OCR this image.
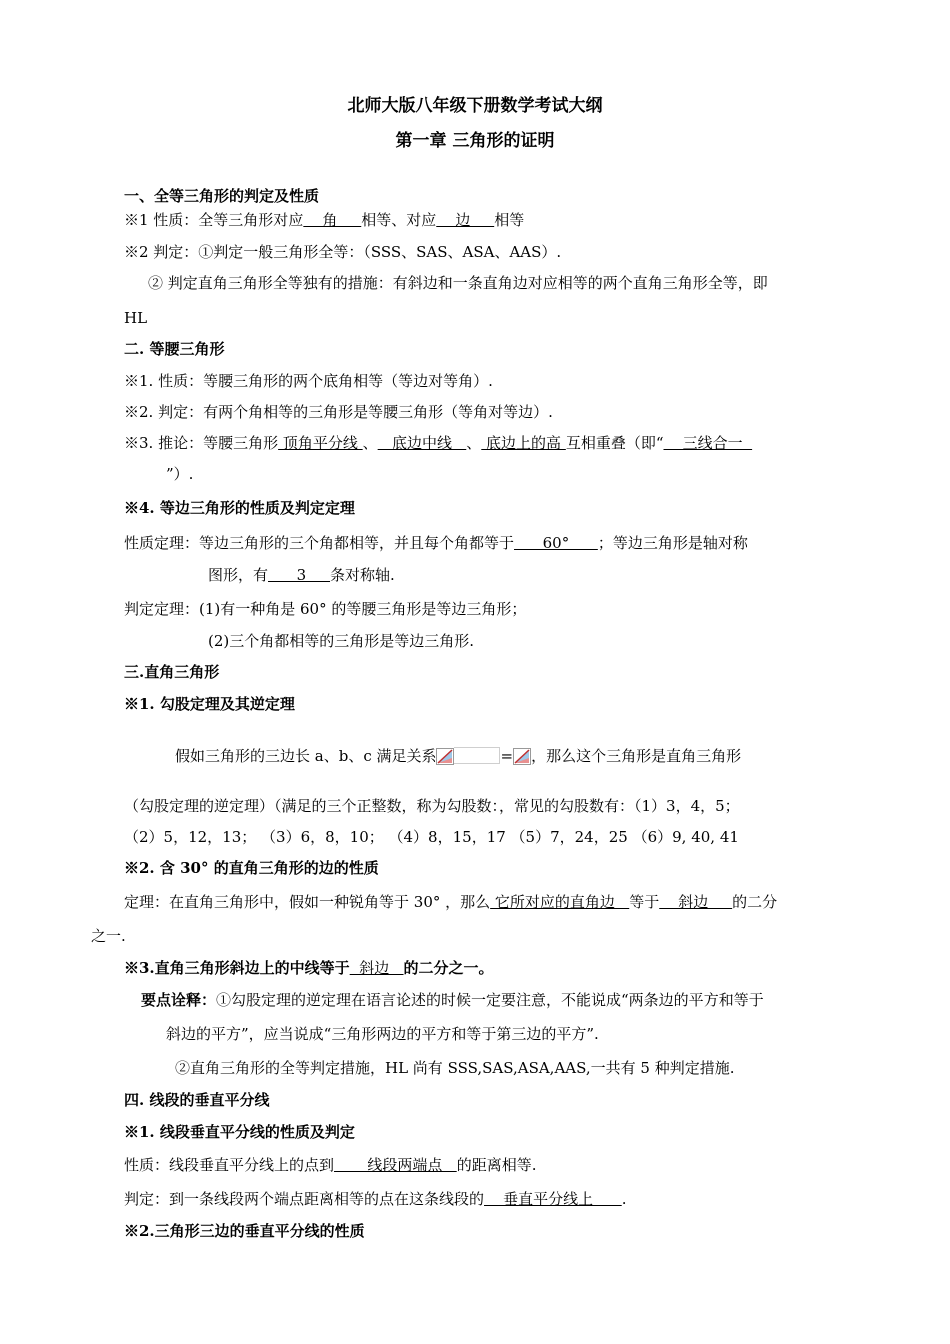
北师大版八年级下册数学考试大纲
第一章 三角形的证明
一、全等三角形的判定及性质
※1 性质：全等三角形对应    角     相等、对应    边     相等
※2 判定：①判定一般三角形全等：（SSS、SAS、ASA、AAS）.
② 判定直角三角形全等独有的措施：有斜边和一条直角边对应相等的两个直角三角形全等，即
HL
二. 等腰三角形
※1. 性质：等腰三角形的两个底角相等（等边对等角）.
※2. 判定：有两个角相等的三角形是等腰三角形（等角对等边）.
※3. 推论：等腰三角形 顶角平分线 、   底边中线   、 底边上的高 互相重叠（即“    三线合一
”）.
※4. 等边三角形的性质及判定定理
性质定理：等边三角形的三个角都相等，并且每个角都等于      60°      ；等边三角形是轴对称
图形，有      3     条对称轴.
判定定理：(1)有一种角是 60° 的等腰三角形是等边三角形；
(2)三个角都相等的三角形是等边三角形.
三.直角三角形
※1. 勾股定理及其逆定理
假如三角形的三边长 a、b、c 满足关系	= ，那么这个三角形是直角三角形
（勾股定理的逆定理）（满足的三个正整数，称为勾股数：，常见的勾股数有：（1）3，4，5；
（2）5，12，13； （3）6，8，10； （4）8，15，17 （5）7，24，25 （6）9, 40, 41
※2. 含 30° 的直角三角形的边的性质
定理：在直角三角形中，假如一种锐角等于 30° ，那么 它所对应的直角边   等于    斜边     的二分
之一.
※3.直角三角形斜边上的中线等于  斜边   的二分之一。
要点诠释：①勾股定理的逆定理在语言论述的时候一定要注意，不能说成“两条边的平方和等于
斜边的平方”，应当说成“三角形两边的平方和等于第三边的平方”.
②直角三角形的全等判定措施，HL 尚有 SSS,SAS,ASA,AAS,一共有 5 种判定措施.
四. 线段的垂直平分线
※1. 线段垂直平分线的性质及判定
性质：线段垂直平分线上的点到       线段两端点   的距离相等.
判定：到一条线段两个端点距离相等的点在这条线段的    垂直平分线上      .
※2.三角形三边的垂直平分线的性质
